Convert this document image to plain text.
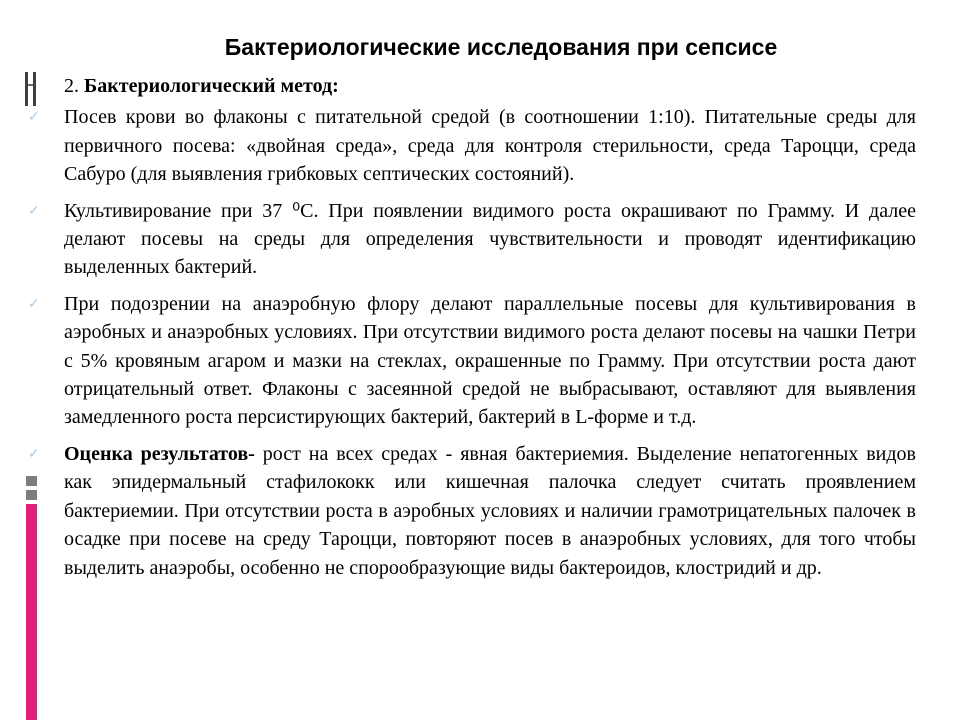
Бактериологические исследования при сепсисе

2. Бактериологический метод:

✓ Посев крови во флаконы с питательной средой (в соотношении 1:10). Питательные среды для первичного посева: «двойная среда», среда для контроля стерильности, среда Тароцци, среда Сабуро (для выявления грибковых септических состояний).

✓ Культивирование при 37 ⁰С. При появлении видимого роста окрашивают по Грамму. И далее делают посевы на среды для определения чувствительности и проводят идентификацию выделенных бактерий.

✓ При подозрении на анаэробную флору делают параллельные посевы для культивирования в аэробных и анаэробных условиях. При отсутствии видимого роста делают посевы на чашки Петри с 5% кровяным агаром и мазки на стеклах, окрашенные по Грамму. При отсутствии роста дают отрицательный ответ. Флаконы с засеянной средой не выбрасывают, оставляют для выявления замедленного роста персистирующих бактерий, бактерий в L-форме и т.д.

✓ Оценка результатов- рост на всех средах - явная бактериемия. Выделение непатогенных видов как эпидермальный стафилококк или кишечная палочка следует считать проявлением бактериемии. При отсутствии роста в аэробных условиях и наличии грамотрицательных палочек в осадке при посеве на среду Тароцци, повторяют посев в анаэробных условиях, для того чтобы выделить анаэробы, особенно не спорообразующие виды бактероидов, клостридий и др.
